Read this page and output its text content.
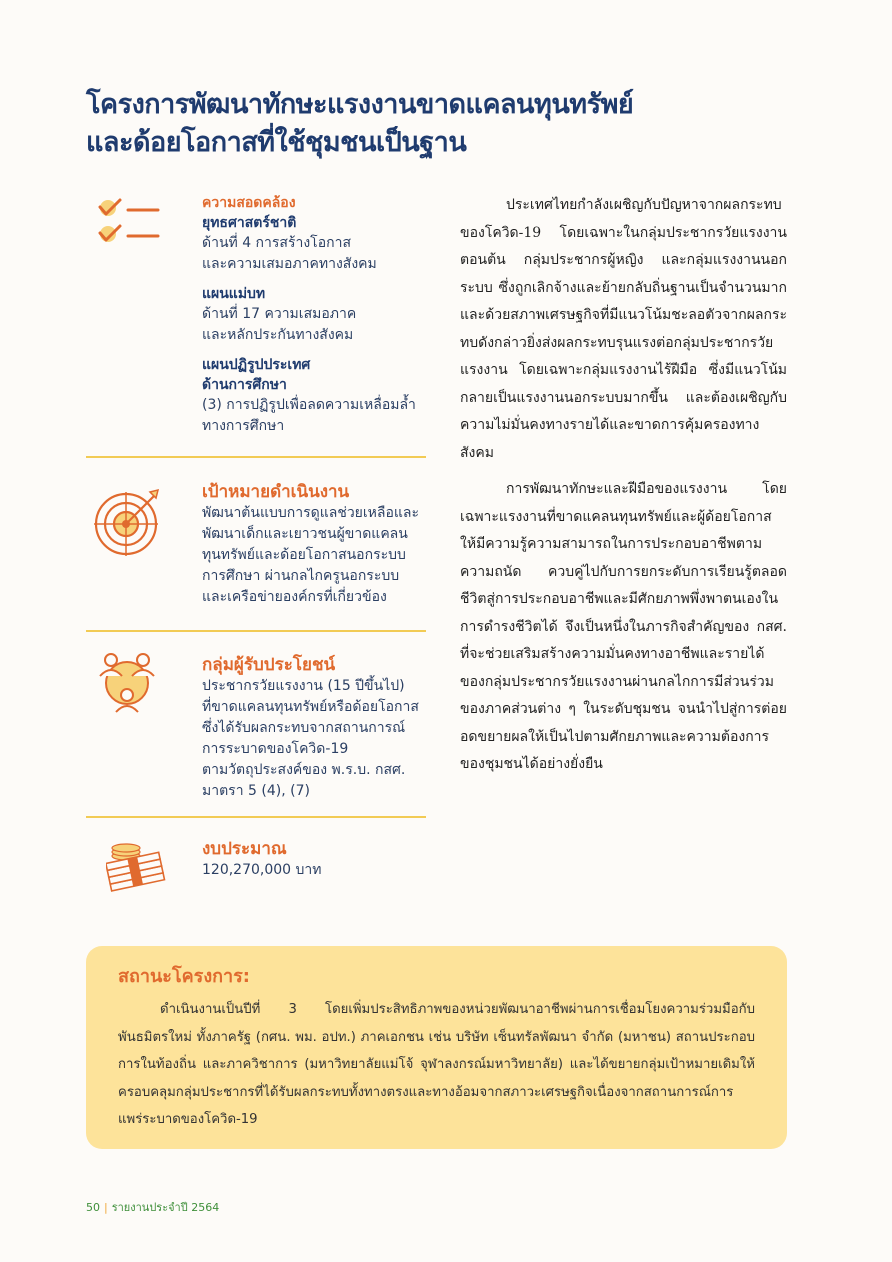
โครงการพัฒนาทักษะแรงงานขาดแคลนทุนทรัพย์
และด้อยโอกาสที่ใช้ชุมชนเป็นฐาน
ความสอดคล้อง
ยุทธศาสตร์ชาติ
ด้านที่ 4 การสร้างโอกาส
และความเสมอภาคทางสังคม
แผนแม่บท
ด้านที่ 17 ความเสมอภาค
และหลักประกันทางสังคม
แผนปฏิรูปประเทศ
ด้านการศึกษา
(3) การปฏิรูปเพื่อลดความเหลื่อมล้ำ
ทางการศึกษา
เป้าหมายดำเนินงาน
พัฒนาต้นแบบการดูแลช่วยเหลือและ
พัฒนาเด็กและเยาวชนผู้ขาดแคลน
ทุนทรัพย์และด้อยโอกาสนอกระบบ
การศึกษา ผ่านกลไกครูนอกระบบ
และเครือข่ายองค์กรที่เกี่ยวข้อง
กลุ่มผู้รับประโยชน์
ประชากรวัยแรงงาน (15 ปีขึ้นไป)
ที่ขาดแคลนทุนทรัพย์หรือด้อยโอกาส
ซึ่งได้รับผลกระทบจากสถานการณ์
การระบาดของโควิด-19
ตามวัตถุประสงค์ของ พ.ร.บ. กสศ.
มาตรา 5 (4), (7)
งบประมาณ
120,270,000 บาท

ประเทศไทยกำลังเผชิญกับปัญหาจากผลกระทบของโควิด-19 โดยเฉพาะในกลุ่มประชากรวัยแรงงานตอนต้น กลุ่มประชากรผู้หญิง และกลุ่มแรงงานนอกระบบ ซึ่งถูกเลิกจ้างและย้ายกลับถิ่นฐานเป็นจำนวนมาก และด้วยสภาพเศรษฐกิจที่มีแนวโน้มชะลอตัวจากผลกระทบดังกล่าวยิ่งส่งผลกระทบรุนแรงต่อกลุ่มประชากรวัยแรงงาน โดยเฉพาะกลุ่มแรงงานไร้ฝีมือ ซึ่งมีแนวโน้มกลายเป็นแรงงานนอกระบบมากขึ้น และต้องเผชิญกับความไม่มั่นคงทางรายได้และขาดการคุ้มครองทางสังคม

การพัฒนาทักษะและฝีมือของแรงงาน โดยเฉพาะแรงงานที่ขาดแคลนทุนทรัพย์และผู้ด้อยโอกาสให้มีความรู้ความสามารถในการประกอบอาชีพตามความถนัด ควบคู่ไปกับการยกระดับการเรียนรู้ตลอดชีวิตสู่การประกอบอาชีพและมีศักยภาพพึ่งพาตนเองในการดำรงชีวิตได้ จึงเป็นหนึ่งในภารกิจสำคัญของ กสศ. ที่จะช่วยเสริมสร้างความมั่นคงทางอาชีพและรายได้ของกลุ่มประชากรวัยแรงงานผ่านกลไกการมีส่วนร่วมของภาคส่วนต่าง ๆ ในระดับชุมชน จนนำไปสู่การต่อยอดขยายผลให้เป็นไปตามศักยภาพและความต้องการของชุมชนได้อย่างยั่งยืน

สถานะโครงการ:

ดำเนินงานเป็นปีที่ 3 โดยเพิ่มประสิทธิภาพของหน่วยพัฒนาอาชีพผ่านการเชื่อมโยงความร่วมมือกับพันธมิตรใหม่ ทั้งภาครัฐ (กศน. พม. อปท.) ภาคเอกชน เช่น บริษัท เซ็นทรัลพัฒนา จำกัด (มหาชน) สถานประกอบการในท้องถิ่น และภาควิชาการ (มหาวิทยาลัยแม่โจ้ จุฬาลงกรณ์มหาวิทยาลัย) และได้ขยายกลุ่มเป้าหมายเดิมให้ครอบคลุมกลุ่มประชากรที่ได้รับผลกระทบทั้งทางตรงและทางอ้อมจากสภาวะเศรษฐกิจเนื่องจากสถานการณ์การแพร่ระบาดของโควิด-19

50 | รายงานประจำปี 2564
